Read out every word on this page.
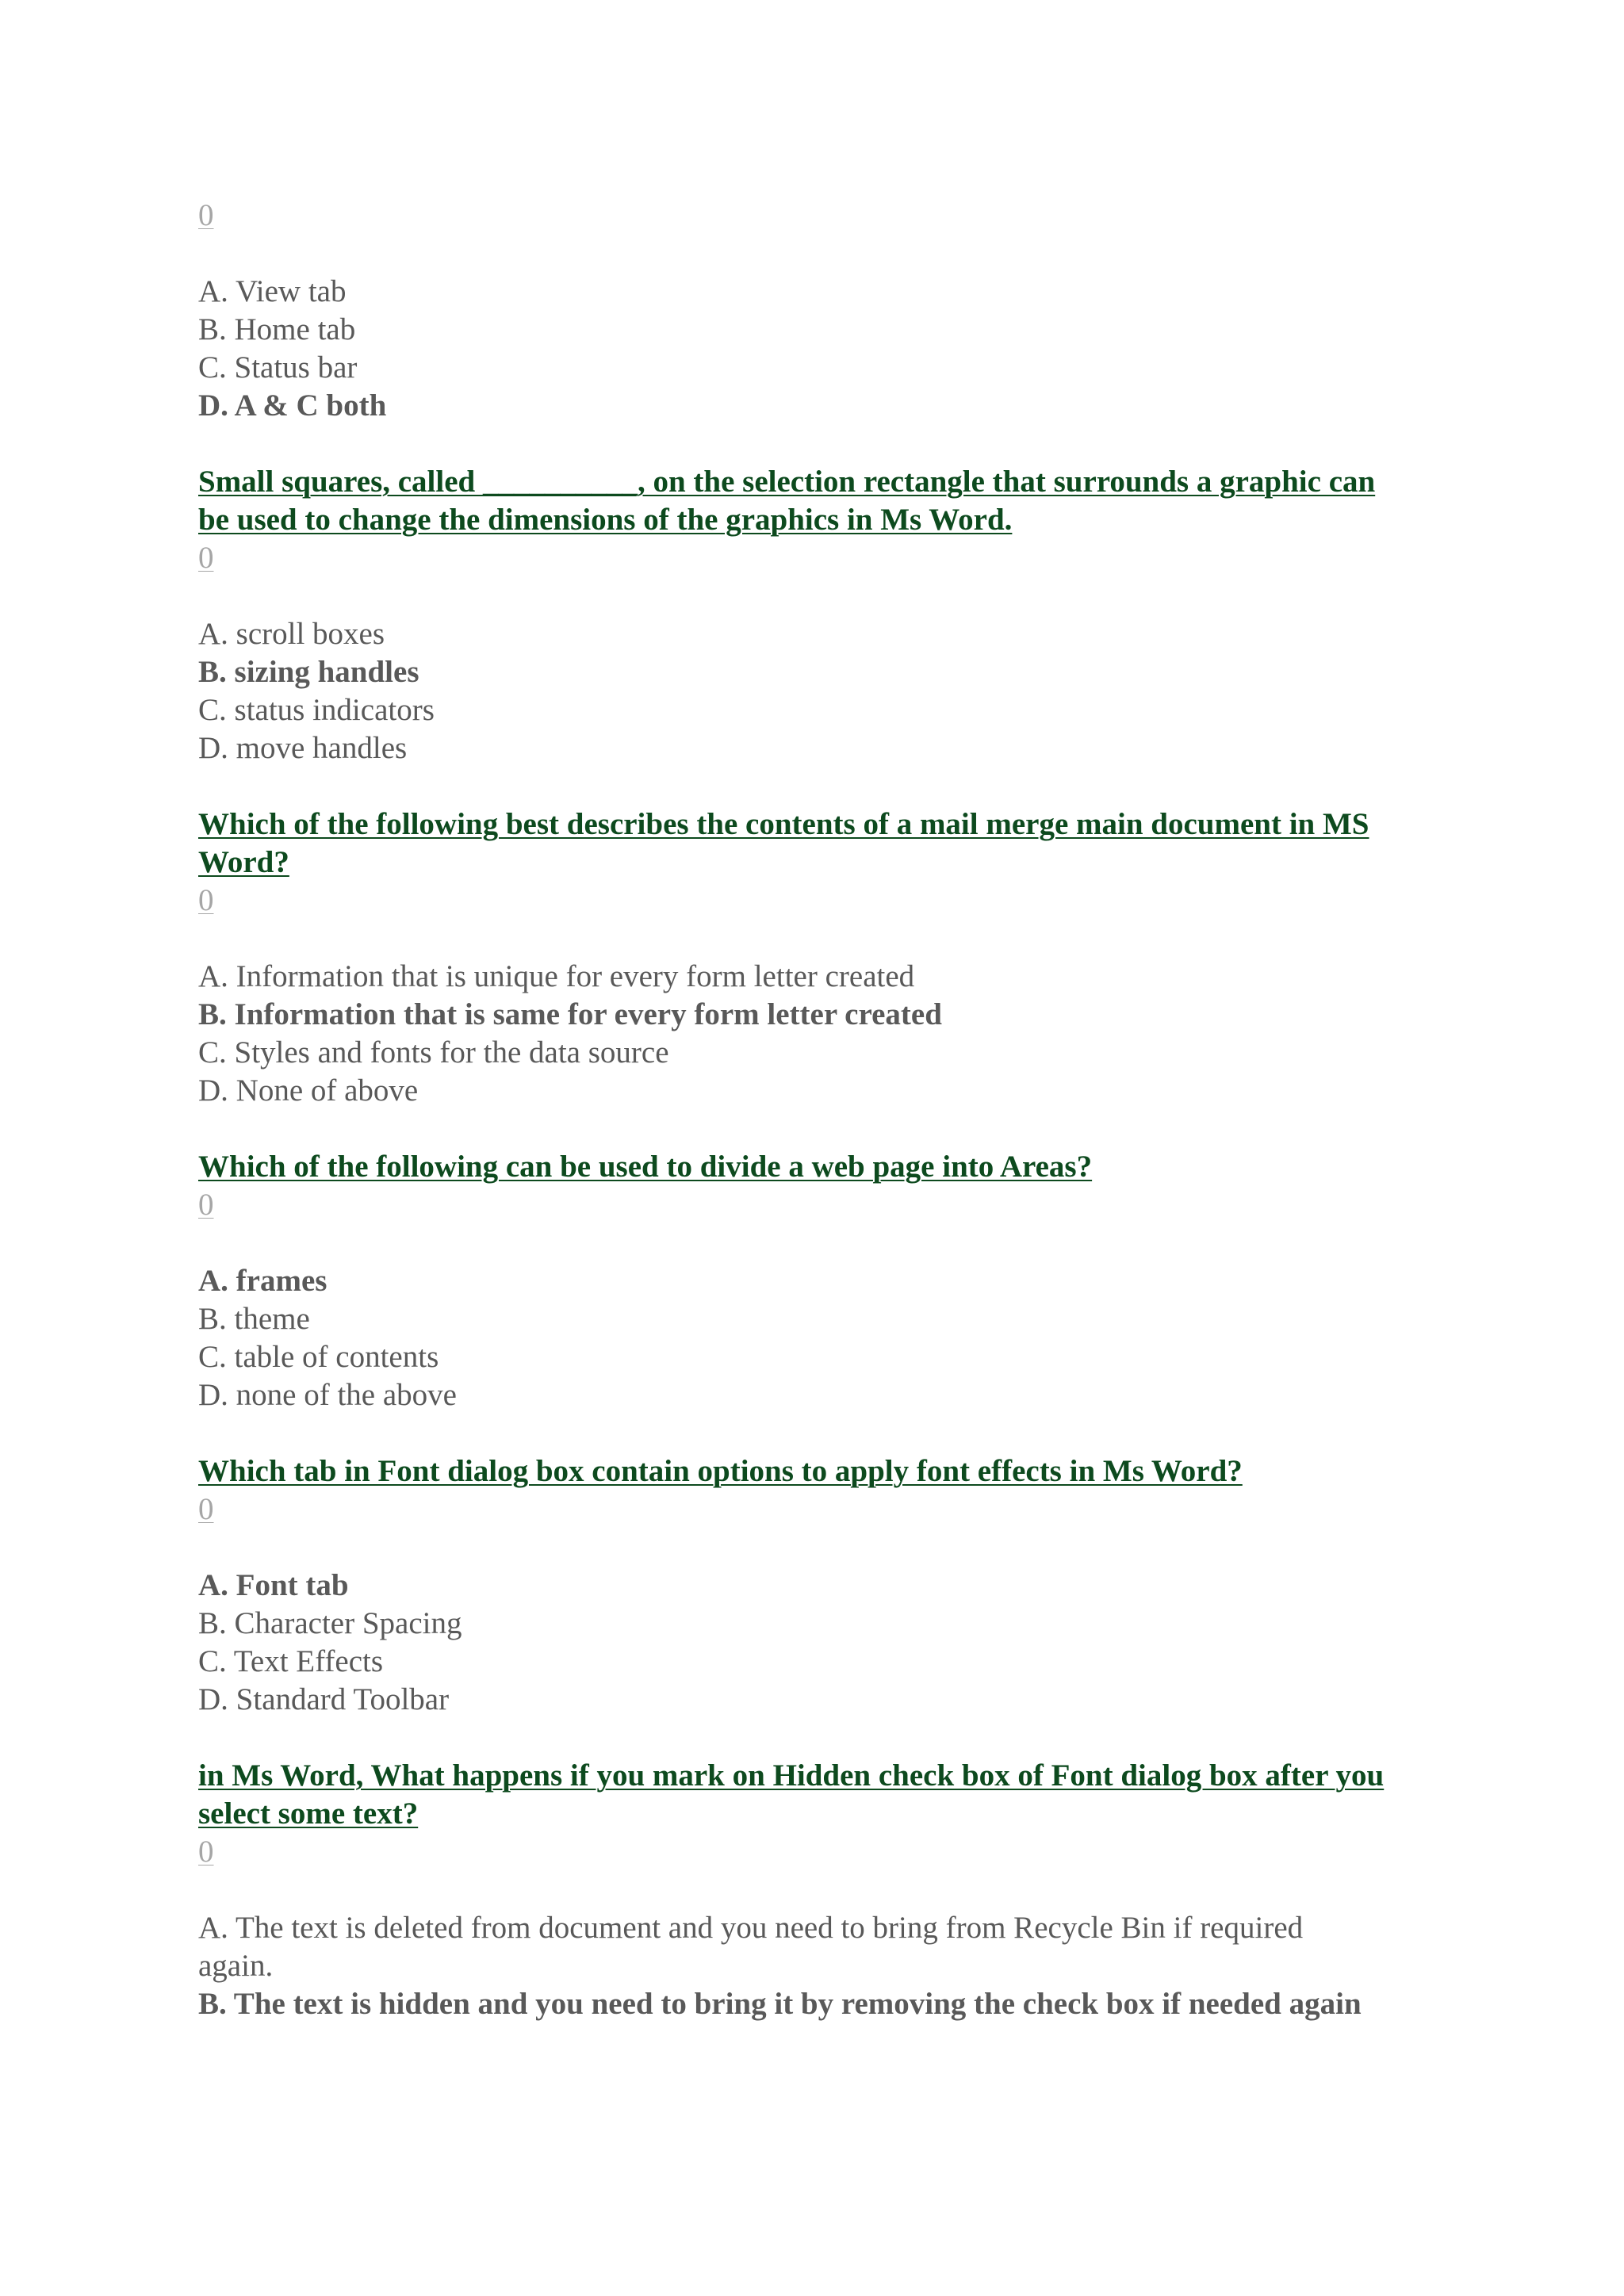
0
A. View tab
B. Home tab
C. Status bar
D. A & C both
Small squares, called __________, on the selection rectangle that surrounds a graphic can be used to change the dimensions of the graphics in Ms Word.
0
A. scroll boxes
B. sizing handles
C. status indicators
D. move handles
Which of the following best describes the contents of a mail merge main document in MS Word?
0
A. Information that is unique for every form letter created
B. Information that is same for every form letter created
C. Styles and fonts for the data source
D. None of above
Which of the following can be used to divide a web page into Areas?
0
A. frames
B. theme
C. table of contents
D. none of the above
Which tab in Font dialog box contain options to apply font effects in Ms Word?
0
A. Font tab
B. Character Spacing
C. Text Effects
D. Standard Toolbar
in Ms Word, What happens if you mark on Hidden check box of Font dialog box after you select some text?
0
A. The text is deleted from document and you need to bring from Recycle Bin if required again.
B. The text is hidden and you need to bring it by removing the check box if needed again
